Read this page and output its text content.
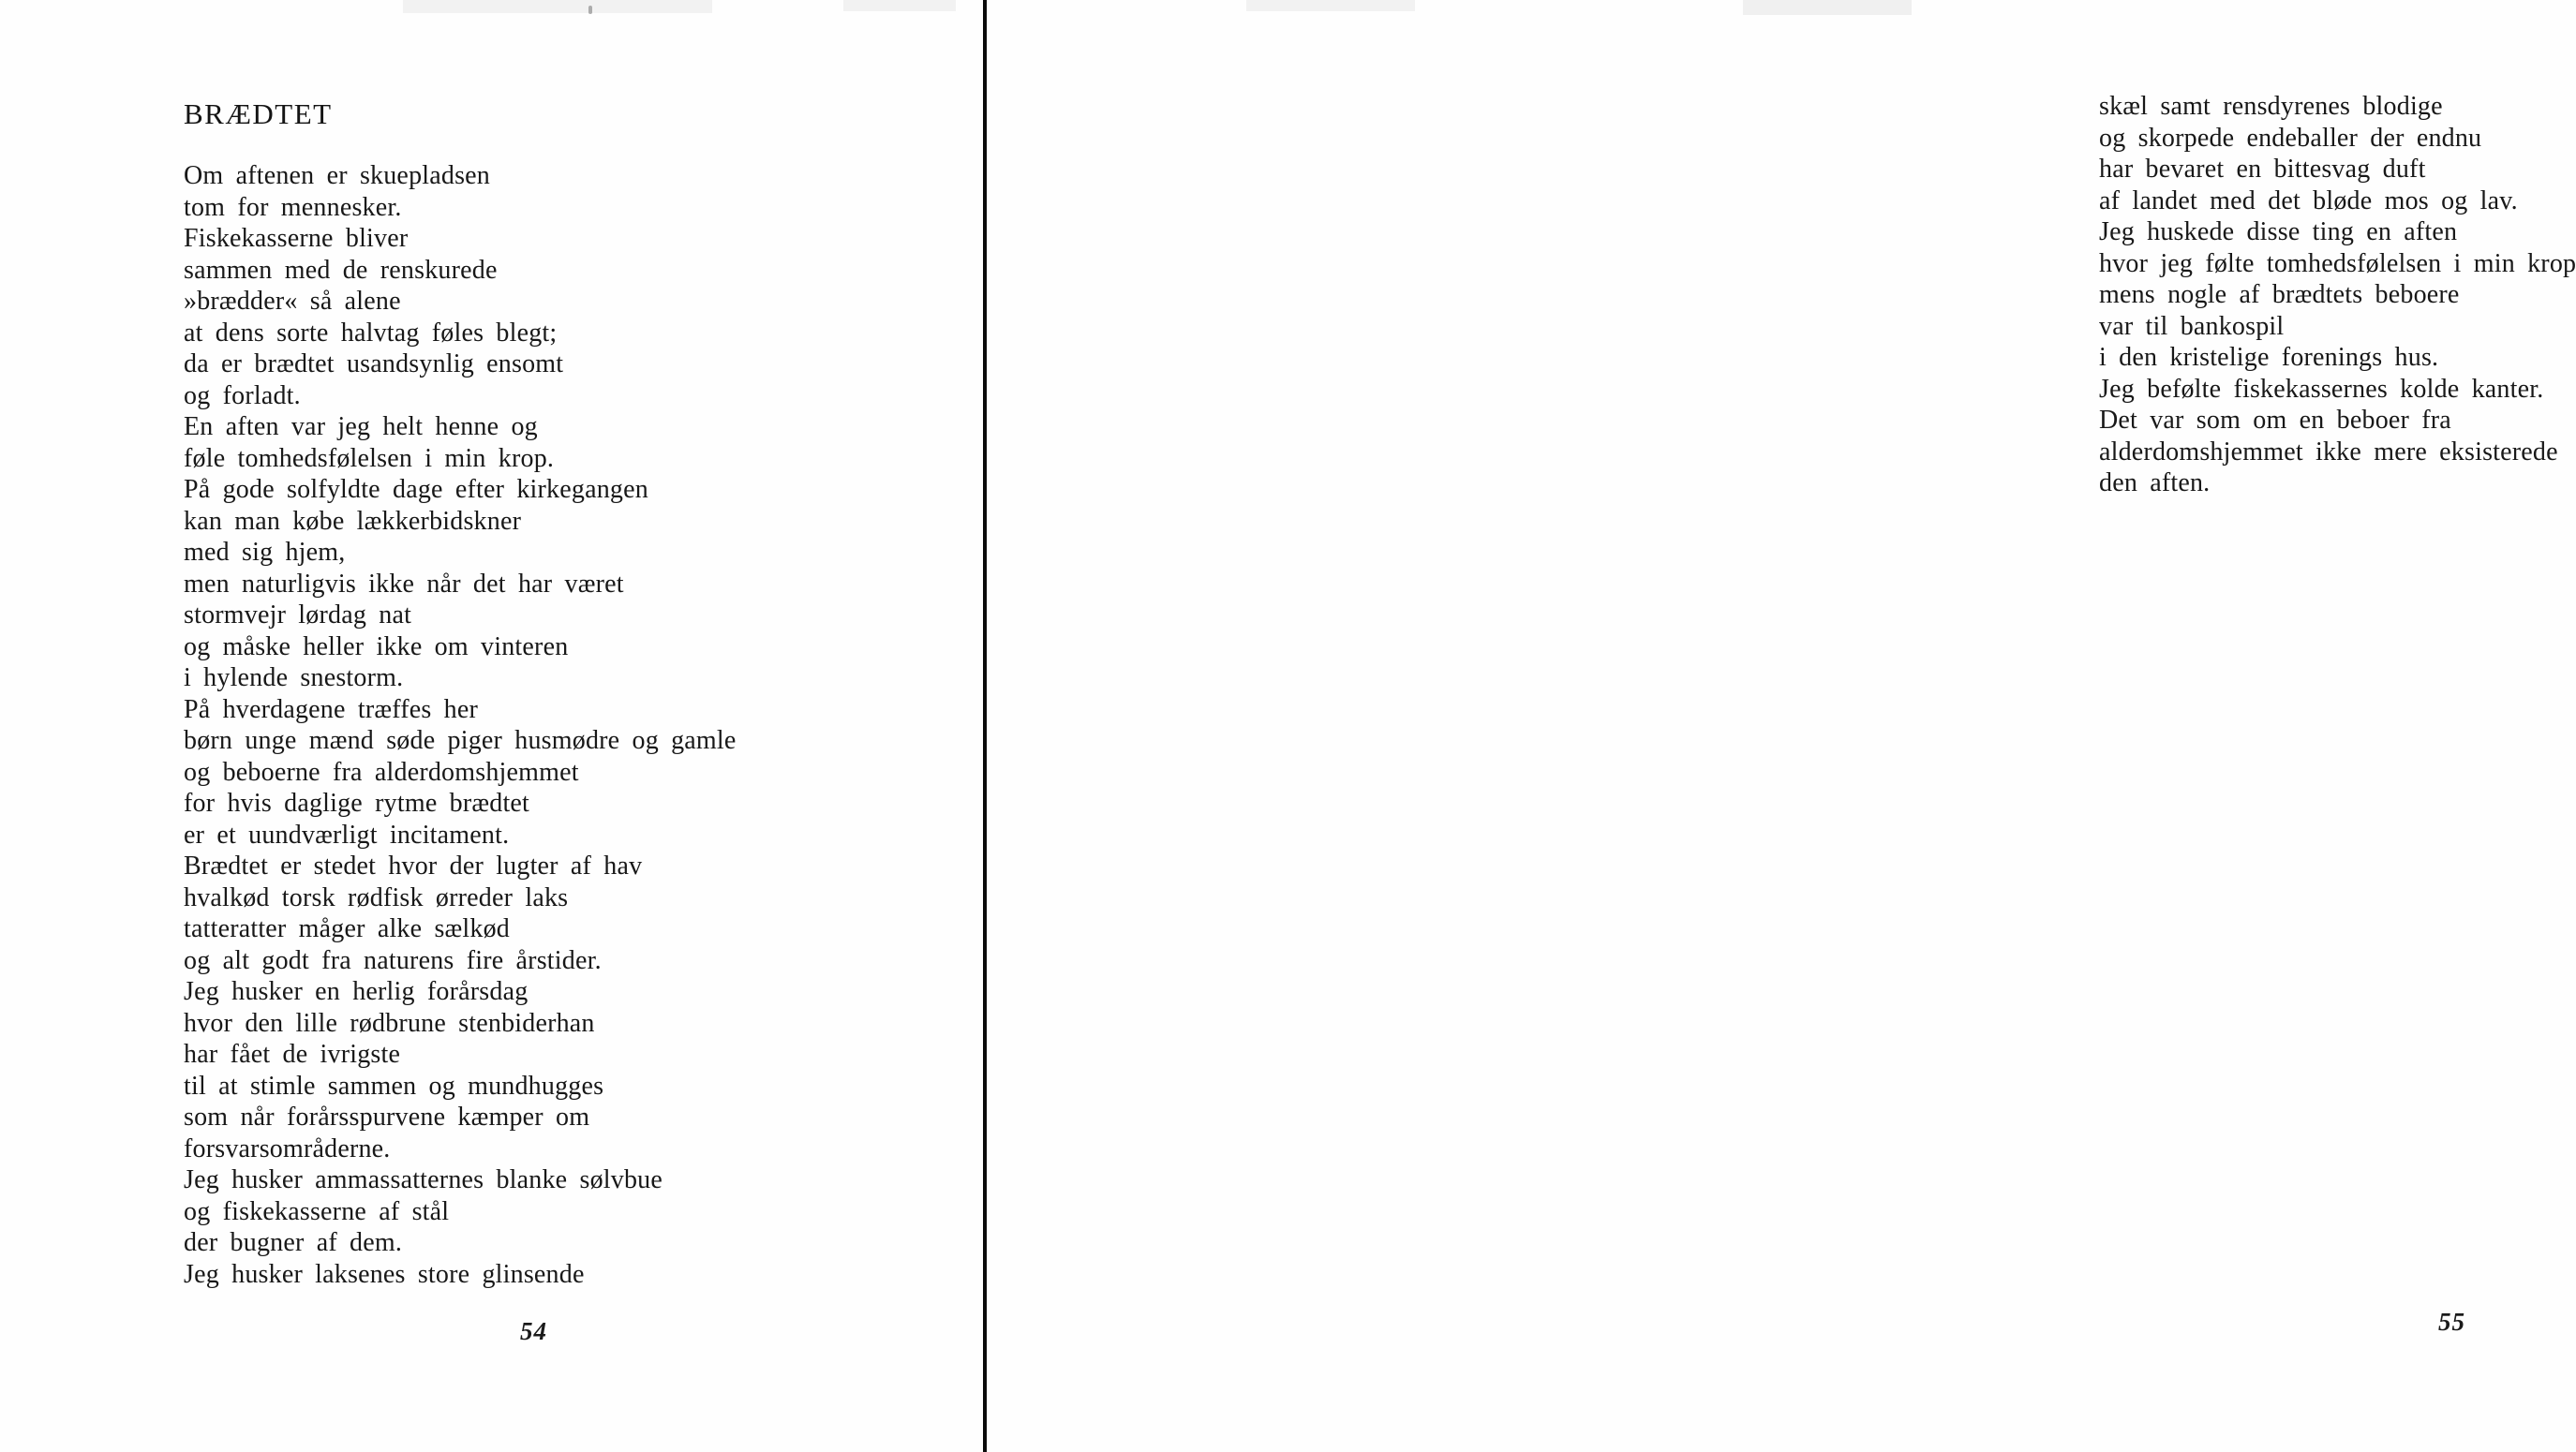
BRÆDTET
Om aftenen er skuepladsen
tom for mennesker.
Fiskekasserne bliver
sammen med de renskurede
»brædder« så alene
at dens sorte halvtag føles blegt;
da er brædtet usandsynlig ensomt
og forladt.
En aften var jeg helt henne og
føle tomhedsfølelsen i min krop.
På gode solfyldte dage efter kirkegangen
kan man købe lækkerbidskner
med sig hjem,
men naturligvis ikke når det har været
stormvejr lørdag nat
og måske heller ikke om vinteren
i hylende snestorm.
På hverdagene træffes her
børn unge mænd søde piger husmødre og gamle
og beboerne fra alderdomshjemmet
for hvis daglige rytme brædtet
er et uundværligt incitament.
Brædtet er stedet hvor der lugter af hav
hvalkød torsk rødfisk ørreder laks
tatteratter måger alke sælkød
og alt godt fra naturens fire årstider.
Jeg husker en herlig forårsdag
hvor den lille rødbrune stenbiderhan
har fået de ivrigste
til at stimle sammen og mundhugges
som når forårsspurvene kæmper om
forsvarsområderne.
Jeg husker ammassatternes blanke sølvbue
og fiskekasserne af stål
der bugner af dem.
Jeg husker laksenes store glinsende
54
skæl samt rensdyrenes blodige
og skorpede endeballer der endnu
har bevaret en bittesvag duft
af landet med det bløde mos og lav.
Jeg huskede disse ting en aften
hvor jeg følte tomhedsfølelsen i min krop
mens nogle af brædtets beboere
var til bankospil
i den kristelige forenings hus.
Jeg befølte fiskekassernes kolde kanter.
Det var som om en beboer fra
alderdomshjemmet ikke mere eksisterede
den aften.
55
